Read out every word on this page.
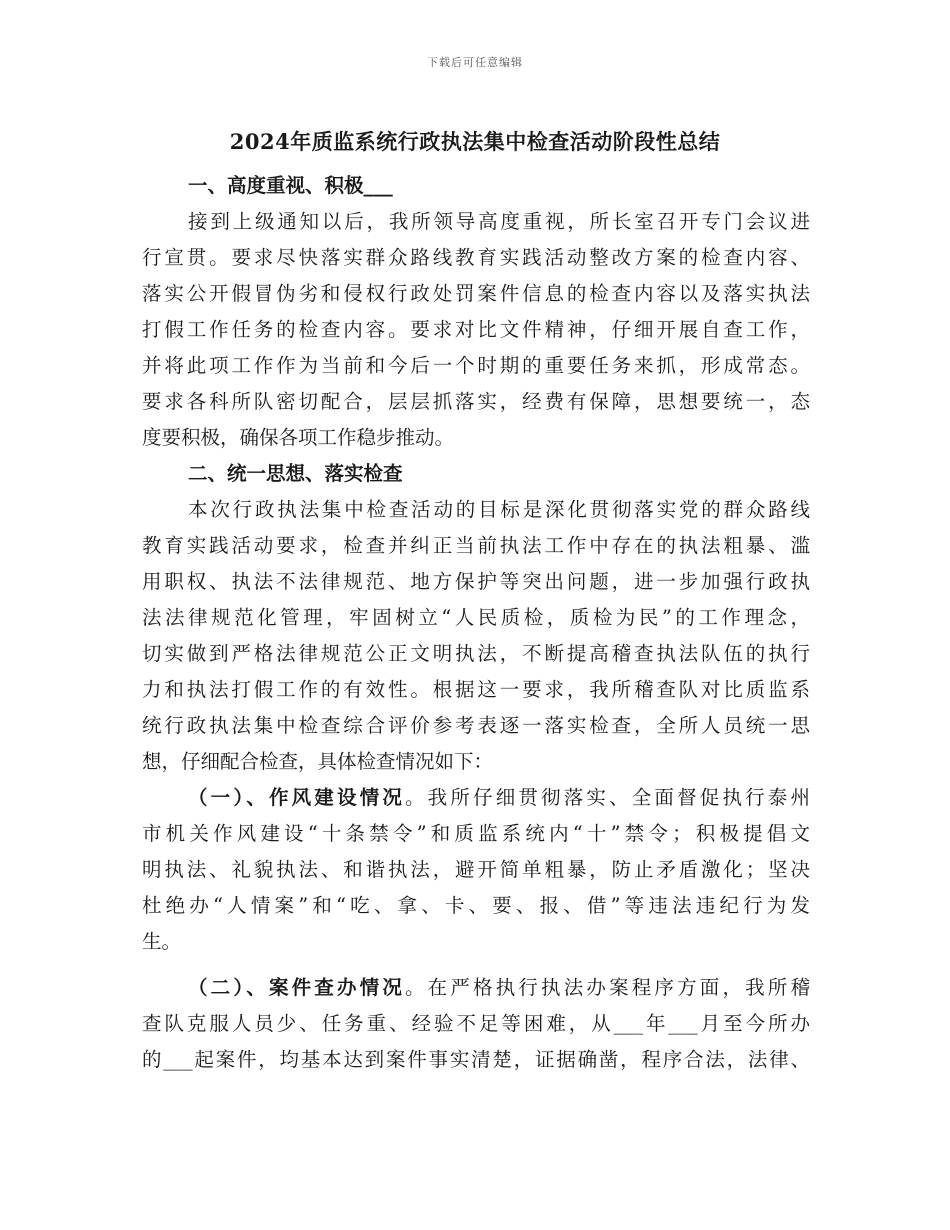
下载后可任意编辑
2024年质监系统行政执法集中检查活动阶段性总结

一、高度重视、积极___

接到上级通知以后，我所领导高度重视，所长室召开专门会议进

行宣贯。要求尽快落实群众路线教育实践活动整改方案的检查内容、

落实公开假冒伪劣和侵权行政处罚案件信息的检查内容以及落实执法

打假工作任务的检查内容。要求对比文件精神，仔细开展自查工作，

并将此项工作作为当前和今后一个时期的重要任务来抓，形成常态。

要求各科所队密切配合，层层抓落实，经费有保障，思想要统一，态

度要积极，确保各项工作稳步推动。

二、统一思想、落实检查

本次行政执法集中检查活动的目标是深化贯彻落实党的群众路线

教育实践活动要求，检查并纠正当前执法工作中存在的执法粗暴、滥

用职权、执法不法律规范、地方保护等突出问题，进一步加强行政执

法法律规范化管理，牢固树立“人民质检，质检为民”的工作理念，

切实做到严格法律规范公正文明执法，不断提高稽查执法队伍的执行

力和执法打假工作的有效性。根据这一要求，我所稽查队对比质监系

统行政执法集中检查综合评价参考表逐一落实检查，全所人员统一思

想，仔细配合检查，具体检查情况如下：

（一）、作风建设情况。我所仔细贯彻落实、全面督促执行泰州

市机关作风建设“十条禁令”和质监系统内“十”禁令；积极提倡文

明执法、礼貌执法、和谐执法，避开简单粗暴，防止矛盾激化；坚决

杜绝办“人情案”和“吃、拿、卡、要、报、借”等违法违纪行为发

生。

（二）、案件查办情况。在严格执行执法办案程序方面，我所稽

查队克服人员少、任务重、经验不足等困难，从___年___月至今所办

的___起案件，均基本达到案件事实清楚，证据确凿，程序合法，法律、
